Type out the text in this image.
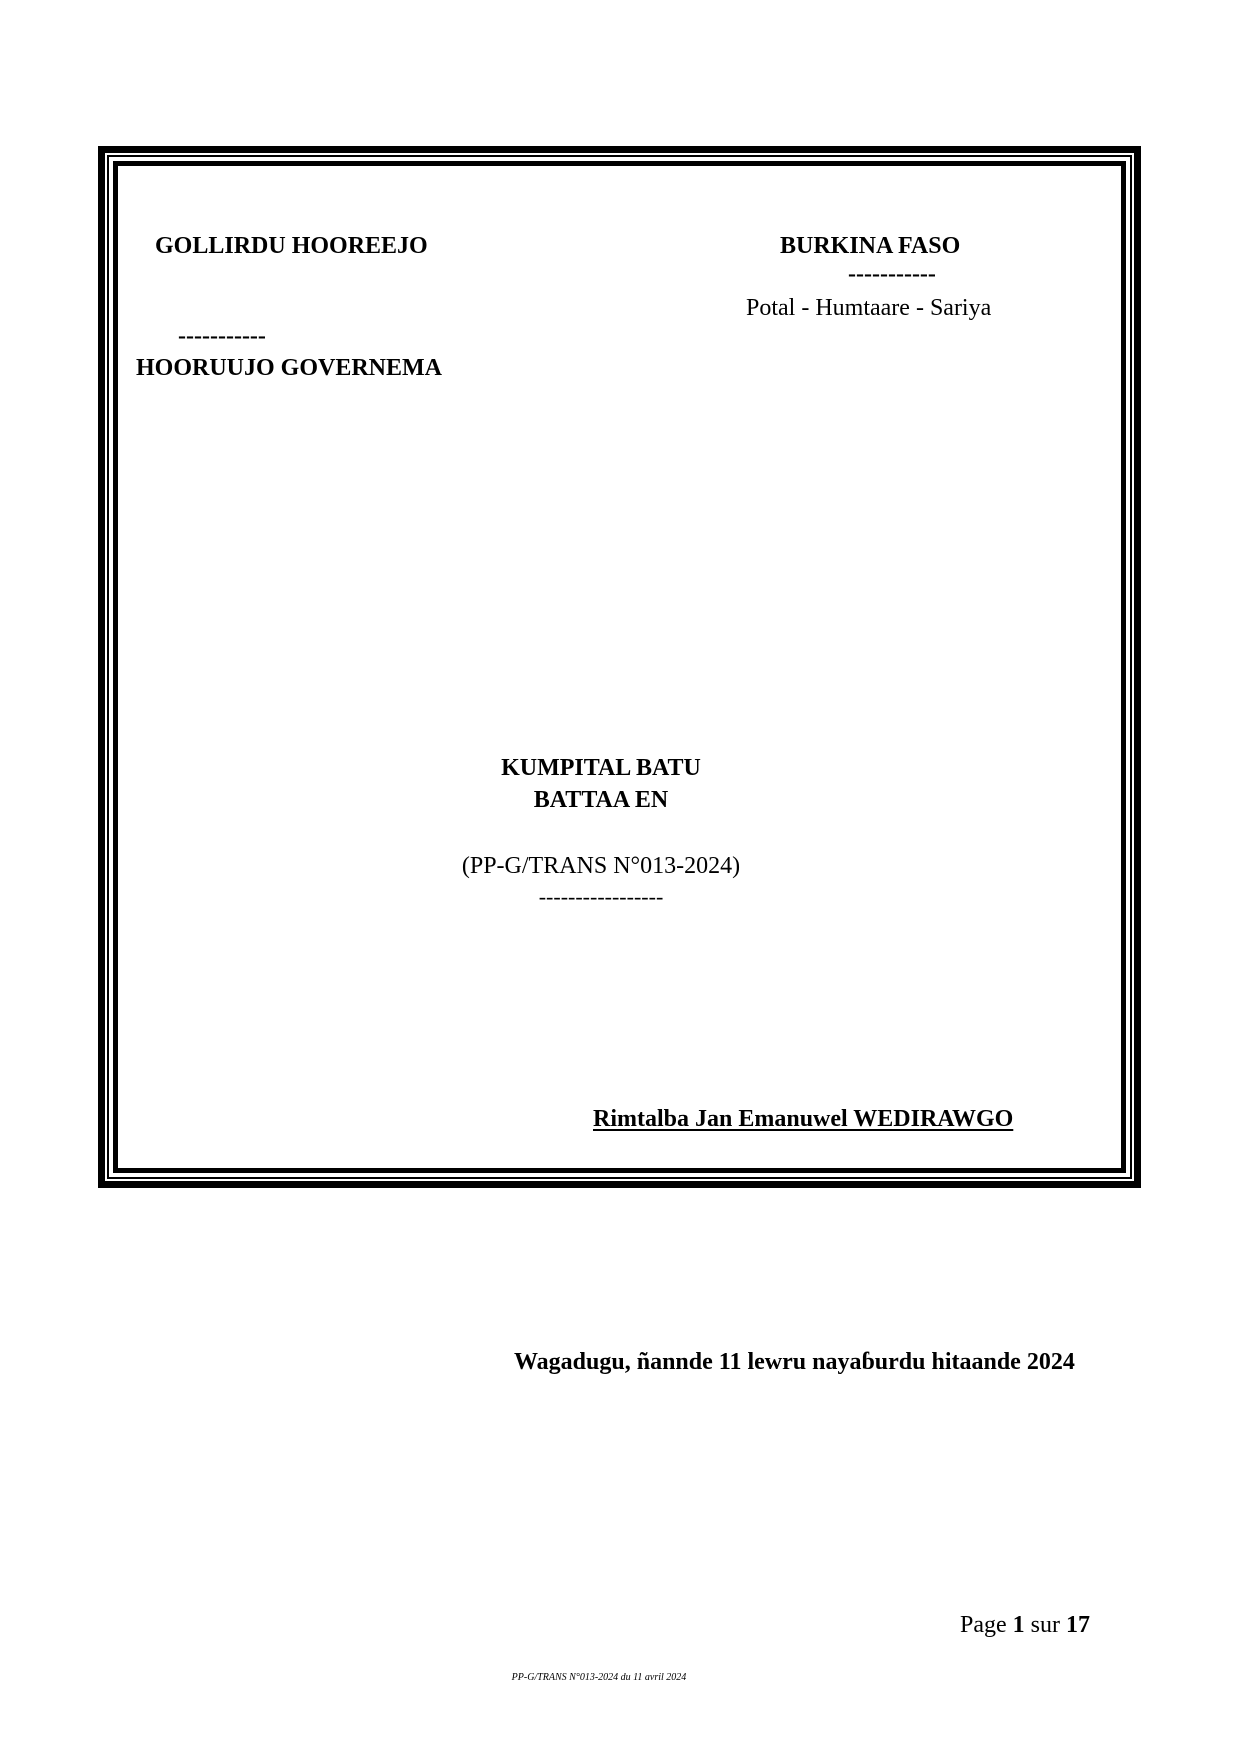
GOLLIRDU HOOREEJO
-----------
HOORUUJO GOVERNEMA
BURKINA FASO
-----------
Potal - Humtaare - Sariya
KUMPITAL BATU
BATTAA EN
(PP-G/TRANS N°013-2024)
-----------------
Rimtalba Jan Emanuwel WEDIRAWGO
Wagadugu, ñannde 11 lewru nayaɓurdu hitaande 2024
Page 1 sur 17
PP-G/TRANS N°013-2024 du 11 avril 2024
